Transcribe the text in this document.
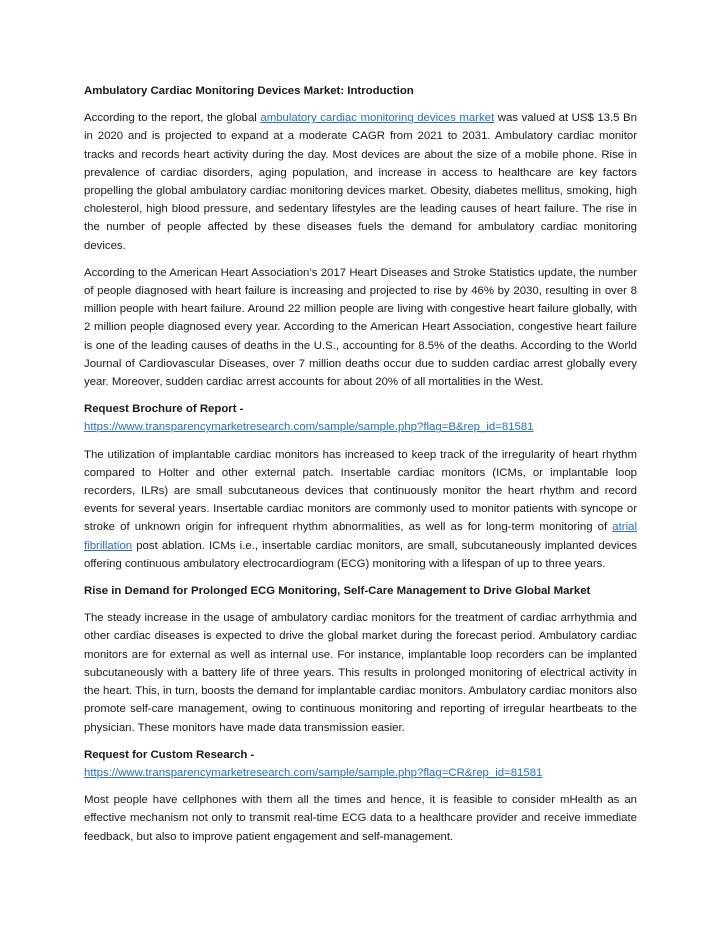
Ambulatory Cardiac Monitoring Devices Market: Introduction

According to the report, the global ambulatory cardiac monitoring devices market was valued at US$ 13.5 Bn in 2020 and is projected to expand at a moderate CAGR from 2021 to 2031. Ambulatory cardiac monitor tracks and records heart activity during the day. Most devices are about the size of a mobile phone. Rise in prevalence of cardiac disorders, aging population, and increase in access to healthcare are key factors propelling the global ambulatory cardiac monitoring devices market. Obesity, diabetes mellitus, smoking, high cholesterol, high blood pressure, and sedentary lifestyles are the leading causes of heart failure. The rise in the number of people affected by these diseases fuels the demand for ambulatory cardiac monitoring devices.

According to the American Heart Association’s 2017 Heart Diseases and Stroke Statistics update, the number of people diagnosed with heart failure is increasing and projected to rise by 46% by 2030, resulting in over 8 million people with heart failure. Around 22 million people are living with congestive heart failure globally, with 2 million people diagnosed every year. According to the American Heart Association, congestive heart failure is one of the leading causes of deaths in the U.S., accounting for 8.5% of the deaths. According to the World Journal of Cardiovascular Diseases, over 7 million deaths occur due to sudden cardiac arrest globally every year. Moreover, sudden cardiac arrest accounts for about 20% of all mortalities in the West.

Request Brochure of Report -
https://www.transparencymarketresearch.com/sample/sample.php?flag=B&rep_id=81581

The utilization of implantable cardiac monitors has increased to keep track of the irregularity of heart rhythm compared to Holter and other external patch. Insertable cardiac monitors (ICMs, or implantable loop recorders, ILRs) are small subcutaneous devices that continuously monitor the heart rhythm and record events for several years. Insertable cardiac monitors are commonly used to monitor patients with syncope or stroke of unknown origin for infrequent rhythm abnormalities, as well as for long-term monitoring of atrial fibrillation post ablation. ICMs i.e., insertable cardiac monitors, are small, subcutaneously implanted devices offering continuous ambulatory electrocardiogram (ECG) monitoring with a lifespan of up to three years.

Rise in Demand for Prolonged ECG Monitoring, Self-Care Management to Drive Global Market

The steady increase in the usage of ambulatory cardiac monitors for the treatment of cardiac arrhythmia and other cardiac diseases is expected to drive the global market during the forecast period. Ambulatory cardiac monitors are for external as well as internal use. For instance, implantable loop recorders can be implanted subcutaneously with a battery life of three years. This results in prolonged monitoring of electrical activity in the heart. This, in turn, boosts the demand for implantable cardiac monitors. Ambulatory cardiac monitors also promote self-care management, owing to continuous monitoring and reporting of irregular heartbeats to the physician. These monitors have made data transmission easier.

Request for Custom Research -
https://www.transparencymarketresearch.com/sample/sample.php?flag=CR&rep_id=81581

Most people have cellphones with them all the times and hence, it is feasible to consider mHealth as an effective mechanism not only to transmit real-time ECG data to a healthcare provider and receive immediate feedback, but also to improve patient engagement and self-management.
